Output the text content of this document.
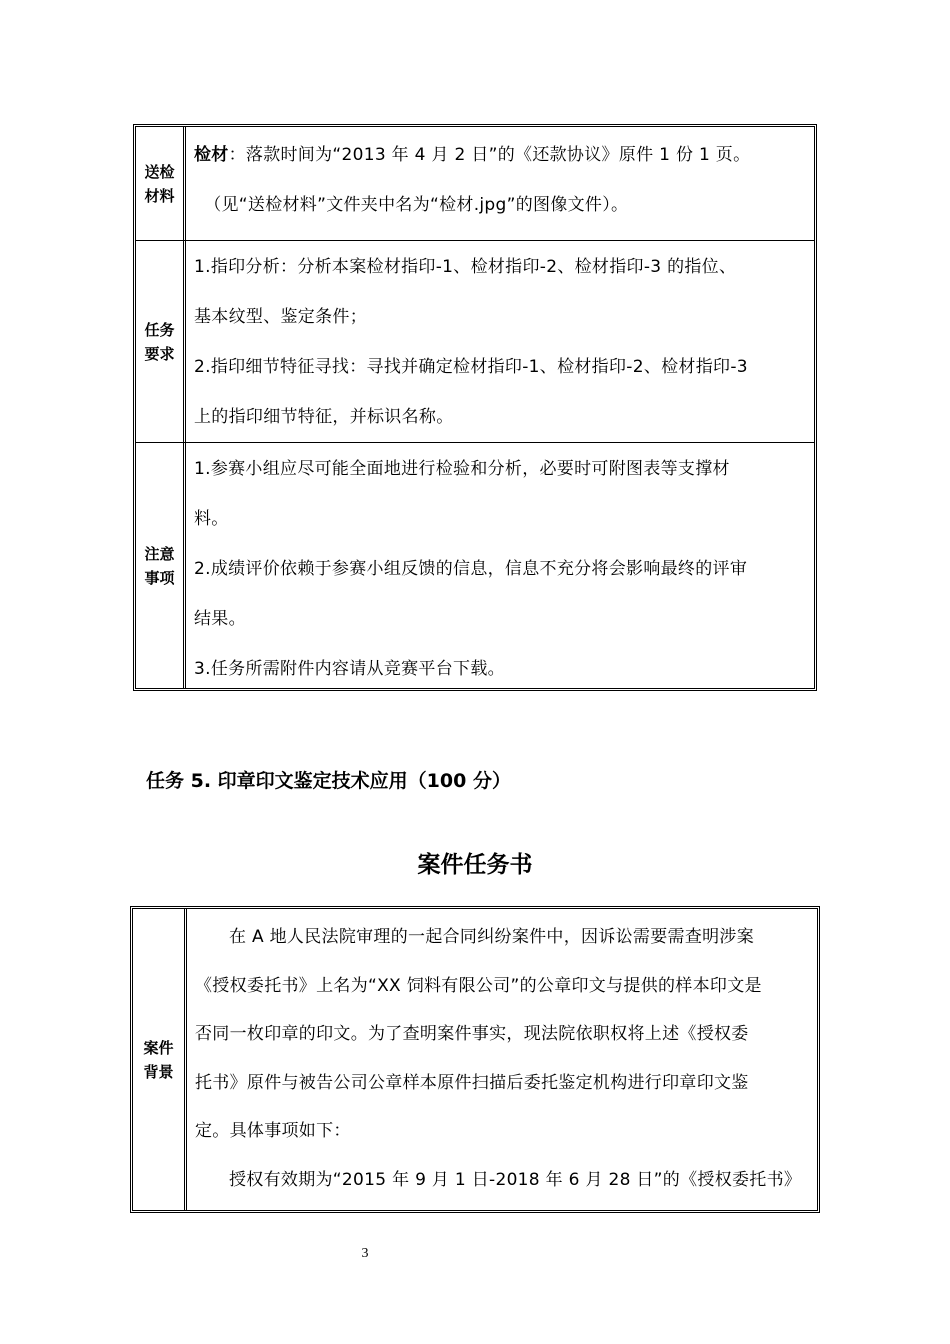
送检材料

检材：落款时间为“2013 年 4 月 2 日”的《还款协议》原件 1 份 1 页。

（见“送检材料”文件夹中名为“检材.jpg”的图像文件）。

任务要求

1.指印分析：分析本案检材指印-1、检材指印-2、检材指印-3 的指位、

基本纹型、鉴定条件；

2.指印细节特征寻找：寻找并确定检材指印-1、检材指印-2、检材指印-3

上的指印细节特征，并标识名称。

注意事项

1.参赛小组应尽可能全面地进行检验和分析，必要时可附图表等支撑材

料。

2.成绩评价依赖于参赛小组反馈的信息，信息不充分将会影响最终的评审

结果。

3.任务所需附件内容请从竞赛平台下载。

任务 5. 印章印文鉴定技术应用（100 分）
案件任务书
案件背景

在 A 地人民法院审理的一起合同纠纷案件中，因诉讼需要需查明涉案

《授权委托书》上名为“XX 饲料有限公司”的公章印文与提供的样本印文是

否同一枚印章的印文。为了查明案件事实，现法院依职权将上述《授权委

托书》原件与被告公司公章样本原件扫描后委托鉴定机构进行印章印文鉴

定。具体事项如下：

授权有效期为“2015 年 9 月 1 日-2018 年 6 月 28 日”的《授权委托书》

3
